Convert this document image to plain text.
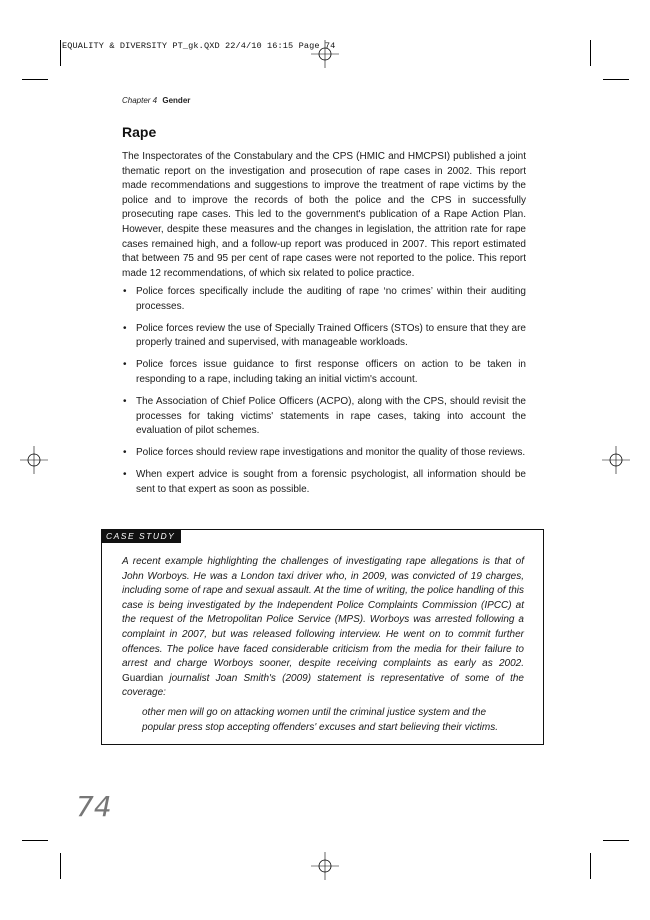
EQUALITY & DIVERSITY PT_gk.QXD 22/4/10 16:15 Page 74
Chapter 4 Gender
Rape

The Inspectorates of the Constabulary and the CPS (HMIC and HMCPSI) published a joint thematic report on the investigation and prosecution of rape cases in 2002. This report made recommendations and suggestions to improve the treatment of rape victims by the police and to improve the records of both the police and the CPS in successfully prosecuting rape cases. This led to the government's publication of a Rape Action Plan. However, despite these measures and the changes in legislation, the attrition rate for rape cases remained high, and a follow-up report was produced in 2007. This report estimated that between 75 and 95 per cent of rape cases were not reported to the police. This report made 12 recommendations, of which six related to police practice.

• Police forces specifically include the auditing of rape ‘no crimes’ within their auditing processes.
• Police forces review the use of Specially Trained Officers (STOs) to ensure that they are properly trained and supervised, with manageable workloads.
• Police forces issue guidance to first response officers on action to be taken in responding to a rape, including taking an initial victim's account.
• The Association of Chief Police Officers (ACPO), along with the CPS, should revisit the processes for taking victims' statements in rape cases, taking into account the evaluation of pilot schemes.
• Police forces should review rape investigations and monitor the quality of those reviews.
• When expert advice is sought from a forensic psychologist, all information should be sent to that expert as soon as possible.
CASE STUDY

A recent example highlighting the challenges of investigating rape allegations is that of John Worboys. He was a London taxi driver who, in 2009, was convicted of 19 charges, including some of rape and sexual assault. At the time of writing, the police handling of this case is being investigated by the Independent Police Complaints Commission (IPCC) at the request of the Metropolitan Police Service (MPS). Worboys was arrested following a complaint in 2007, but was released following interview. He went on to commit further offences. The police have faced considerable criticism from the media for their failure to arrest and charge Worboys sooner, despite receiving complaints as early as 2002. Guardian journalist Joan Smith's (2009) statement is representative of some of the coverage:

other men will go on attacking women until the criminal justice system and the popular press stop accepting offenders' excuses and start believing their victims.

74
